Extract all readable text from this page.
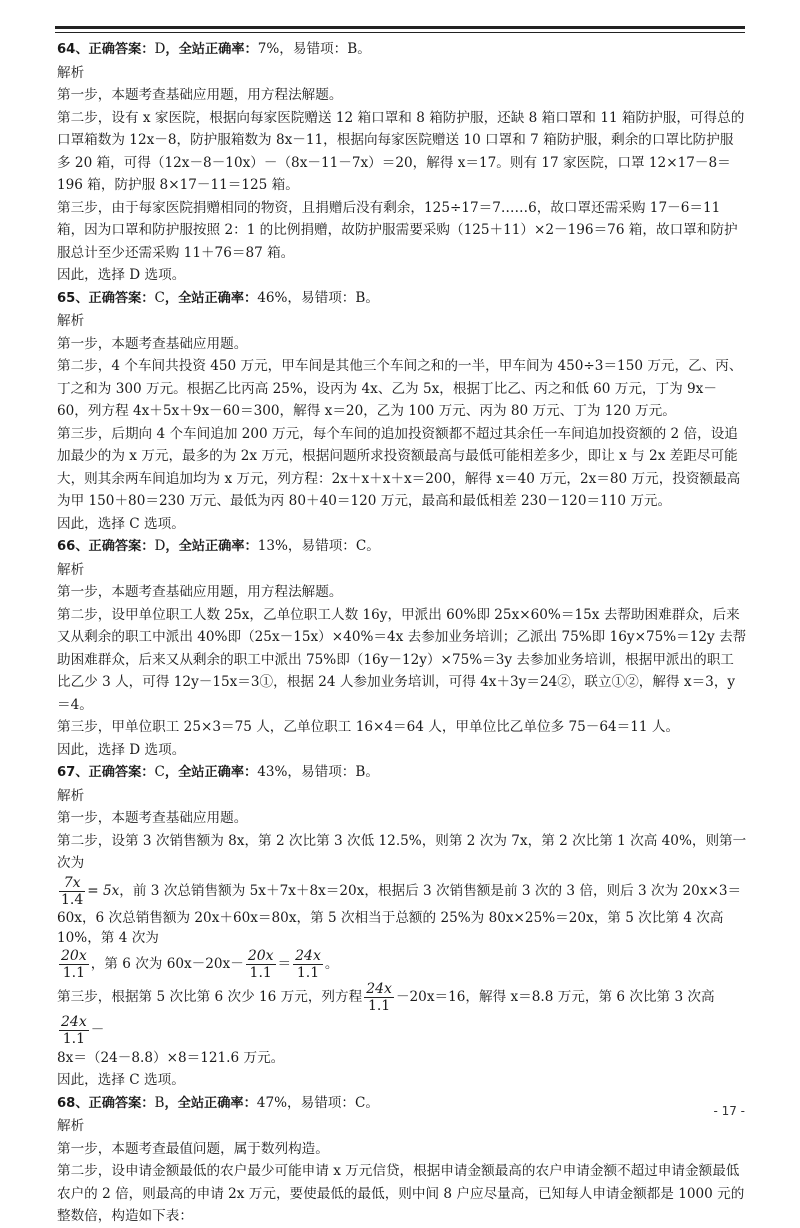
64、正确答案：D，全站正确率：7%，易错项：B。

解析

第一步，本题考查基础应用题，用方程法解题。

第二步，设有 x 家医院，根据向每家医院赠送 12 箱口罩和 8 箱防护服，还缺 8 箱口罩和 11 箱防护服，可得总的口罩箱数为 12x－8，防护服箱数为 8x－11，根据向每家医院赠送 10 口罩和 7 箱防护服，剩余的口罩比防护服多 20 箱，可得（12x－8－10x）－（8x－11－7x）＝20，解得 x＝17。则有 17 家医院，口罩 12×17－8＝196 箱，防护服 8×17－11＝125 箱。

第三步，由于每家医院捐赠相同的物资，且捐赠后没有剩余，125÷17＝7……6，故口罩还需采购 17－6＝11 箱，因为口罩和防护服按照 2：1 的比例捐赠，故防护服需要采购（125＋11）×2－196＝76 箱，故口罩和防护服总计至少还需采购 11＋76＝87 箱。

因此，选择 D 选项。

65、正确答案：C，全站正确率：46%，易错项：B。

解析

第一步，本题考查基础应用题。

第二步，4 个车间共投资 450 万元，甲车间是其他三个车间之和的一半，甲车间为 450÷3＝150 万元，乙、丙、丁之和为 300 万元。根据乙比丙高 25%，设丙为 4x、乙为 5x，根据丁比乙、丙之和低 60 万元，丁为 9x－60，列方程 4x＋5x＋9x－60＝300，解得 x＝20，乙为 100 万元、丙为 80 万元、丁为 120 万元。

第三步，后期向 4 个车间追加 200 万元，每个车间的追加投资额都不超过其余任一车间追加投资额的 2 倍，设追加最少的为 x 万元，最多的为 2x 万元，根据问题所求投资额最高与最低可能相差多少，即让 x 与 2x 差距尽可能大，则其余两车间追加均为 x 万元，列方程：2x＋x＋x＋x＝200，解得 x＝40 万元，2x＝80 万元，投资额最高为甲 150＋80＝230 万元、最低为丙 80＋40＝120 万元，最高和最低相差 230－120＝110 万元。

因此，选择 C 选项。

66、正确答案：D，全站正确率：13%，易错项：C。

解析

第一步，本题考查基础应用题，用方程法解题。

第二步，设甲单位职工人数 25x，乙单位职工人数 16y，甲派出 60%即 25x×60%＝15x 去帮助困难群众，后来又从剩余的职工中派出 40%即（25x－15x）×40%＝4x 去参加业务培训；乙派出 75%即 16y×75%＝12y 去帮助困难群众，后来又从剩余的职工中派出 75%即（16y－12y）×75%＝3y 去参加业务培训，根据甲派出的职工比乙少 3 人，可得 12y－15x＝3①，根据 24 人参加业务培训，可得 4x＋3y＝24②，联立①②，解得 x＝3，y＝4。

第三步，甲单位职工 25×3＝75 人，乙单位职工 16×4＝64 人，甲单位比乙单位多 75－64＝11 人。

因此，选择 D 选项。

67、正确答案：C，全站正确率：43%，易错项：B。

解析

第一步，本题考查基础应用题。

第二步，设第 3 次销售额为 8x，第 2 次比第 3 次低 12.5%，则第 2 次为 7x，第 2 次比第 1 次高 40%，则第一次为

$\frac{7x}{1.4} = 5x$，前 3 次总销售额为 5x＋7x＋8x＝20x，根据后 3 次销售额是前 3 次的 3 倍，则后 3 次为 20x×3＝60x，6 次总销售额为 20x＋60x＝80x，第 5 次相当于总额的 25%为 80x×25%＝20x，第 5 次比第 4 次高 10%，第 4 次为

$\frac{20x}{1.1}$ ，第 6 次为 $60x-20x- \frac{20x}{1.1} = \frac{24x}{1.1}$ 。

第三步，根据第 5 次比第 6 次少 16 万元，列方程 $\frac{24x}{1.1} -20x=16$，解得 x＝8.8 万元，第 6 次比第 3 次高
$\frac{24x}{1.1}$ －

8x＝（24－8.8）×8＝121.6 万元。

因此，选择 C 选项。

68、正确答案：B，全站正确率：47%，易错项：C。

解析

第一步，本题考查最值问题，属于数列构造。

第二步，设申请金额最低的农户最少可能申请 x 万元信贷，根据申请金额最高的农户申请金额不超过申请金额最低农户的 2 倍，则最高的申请 2x 万元，要使最低的最低，则中间 8 户应尽量高，已知每人申请金额都是 1000 元的整数倍，构造如下表：

- 17 -
